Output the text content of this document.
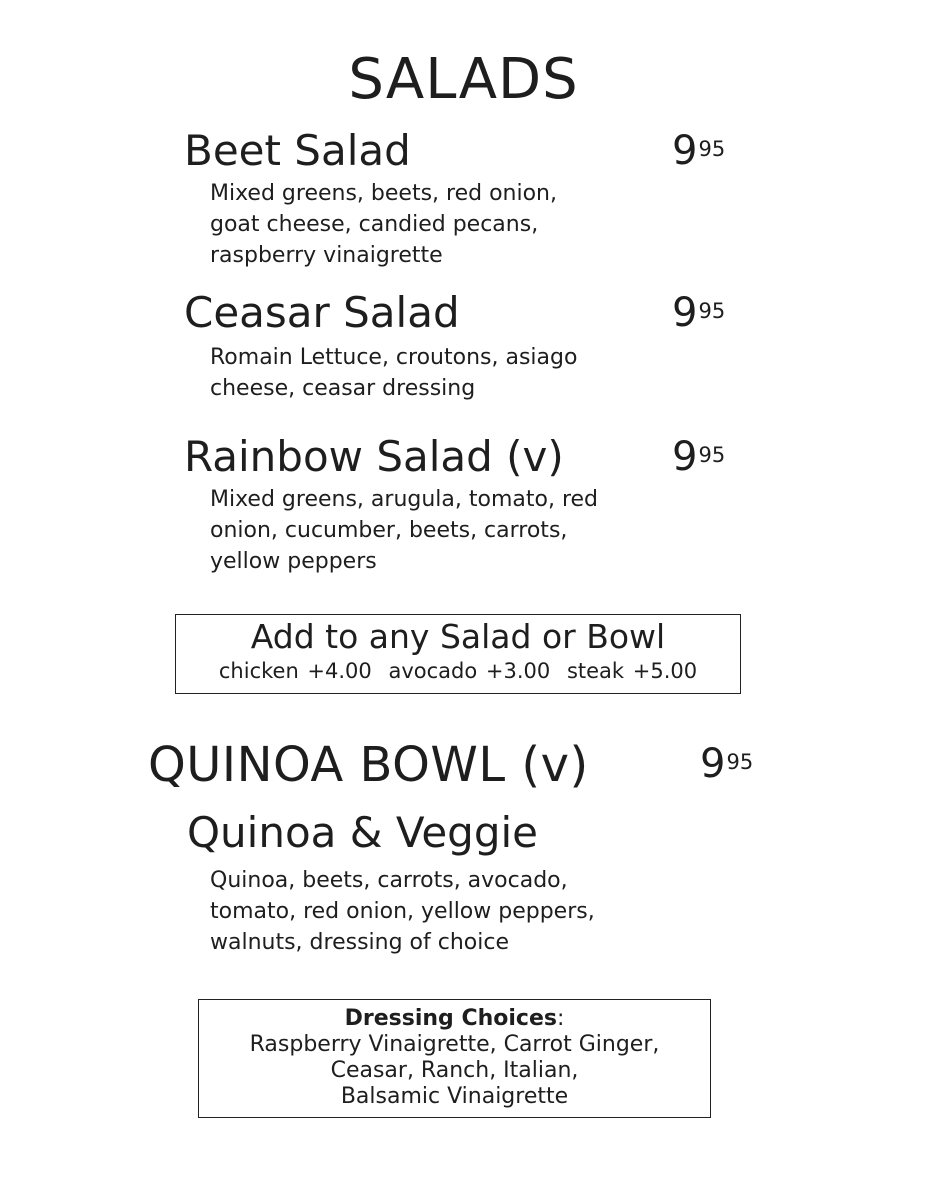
SALADS
Beet Salad	$9^{95}$
Mixed greens, beets, red onion,
goat cheese, candied pecans,
raspberry vinaigrette
Ceasar Salad	$9^{95}$
Romain Lettuce, croutons, asiago
cheese, ceasar dressing
Rainbow Salad (v)	$9^{95}$
Mixed greens, arugula, tomato, red
onion, cucumber, beets, carrots,
yellow peppers
Add to any Salad or Bowl
chicken +4.00 avocado +3.00 steak +5.00
QUINOA BOWL (v)	$9^{95}$
Quinoa & Veggie
Quinoa, beets, carrots, avocado,
tomato, red onion, yellow peppers,
walnuts, dressing of choice
Dressing Choices:
Raspberry Vinaigrette, Carrot Ginger,
Ceasar, Ranch, Italian,
Balsamic Vinaigrette
